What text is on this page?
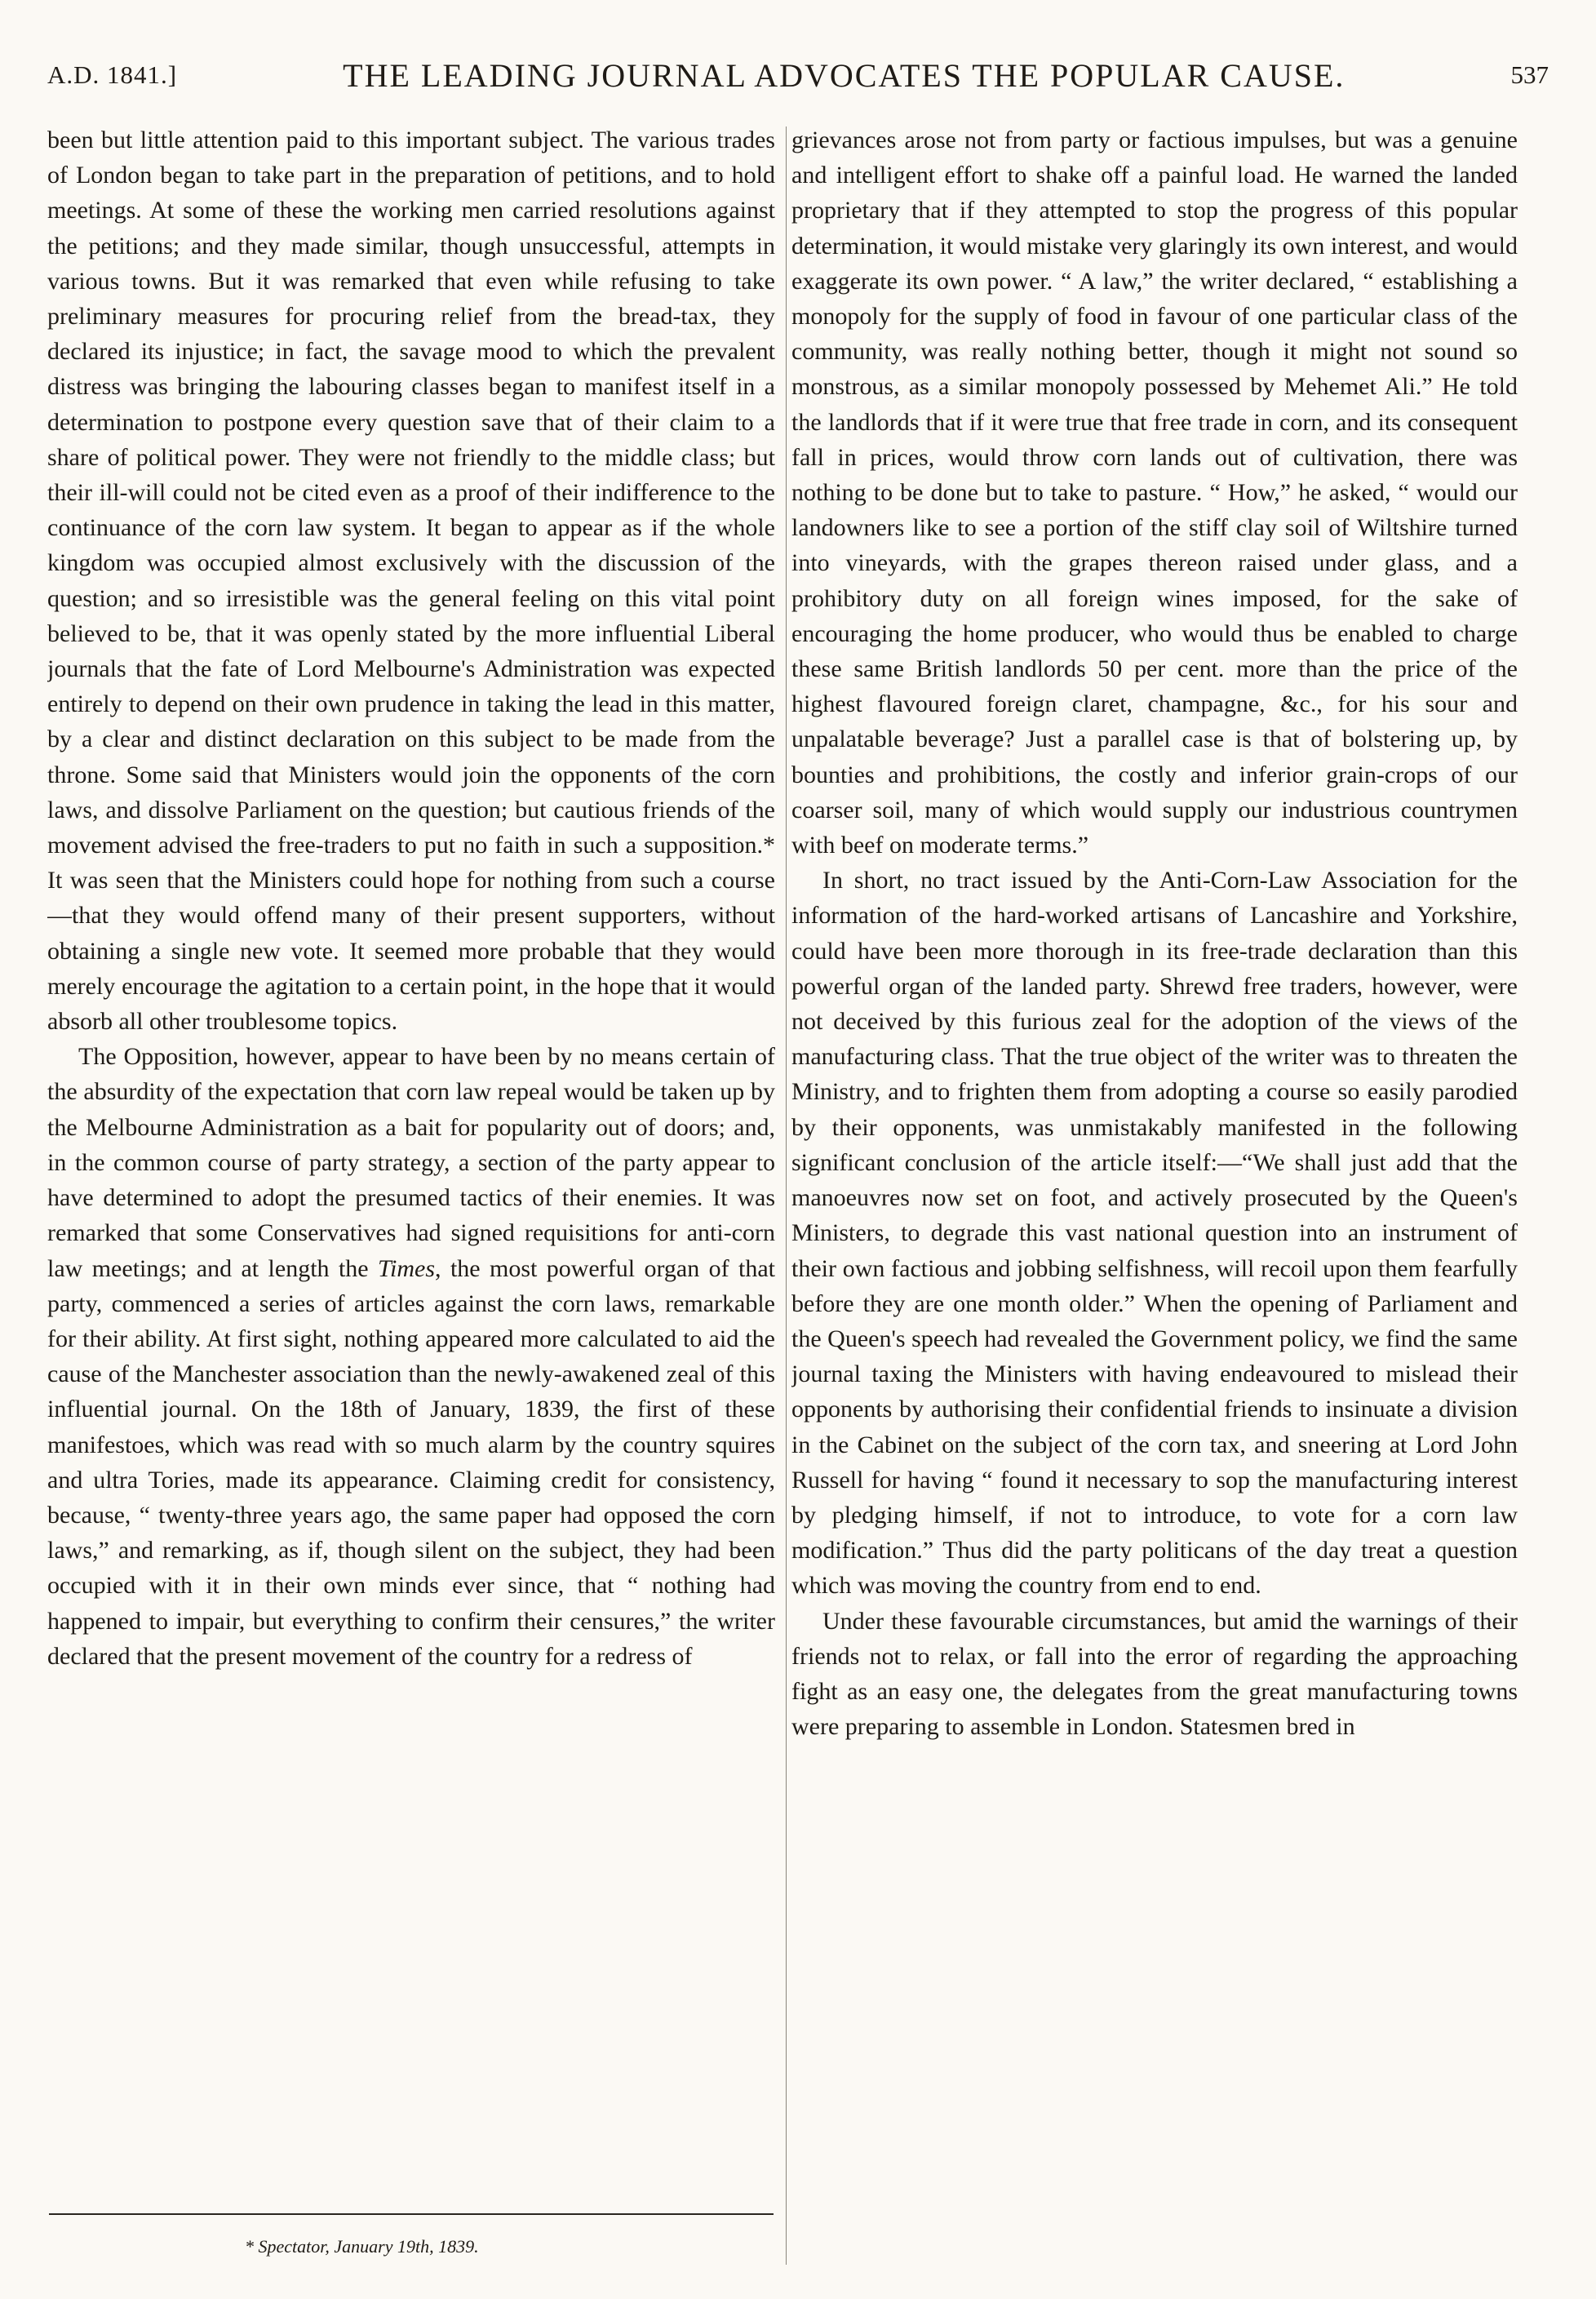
A.D. 1841.]	THE LEADING JOURNAL ADVOCATES THE POPULAR CAUSE.	537

been but little attention paid to this important subject. The various trades of London began to take part in the preparation of petitions, and to hold meetings. At some of these the working men carried resolutions against the petitions; and they made similar, though unsuccessful, attempts in various towns. But it was remarked that even while refusing to take preliminary measures for procuring relief from the bread-tax, they declared its injustice; in fact, the savage mood to which the prevalent distress was bringing the labouring classes began to manifest itself in a determination to postpone every question save that of their claim to a share of political power. They were not friendly to the middle class; but their ill-will could not be cited even as a proof of their indifference to the continuance of the corn law system. It began to appear as if the whole kingdom was occupied almost exclusively with the discussion of the question; and so irresistible was the general feeling on this vital point believed to be, that it was openly stated by the more influential Liberal journals that the fate of Lord Melbourne's Administration was expected entirely to depend on their own prudence in taking the lead in this matter, by a clear and distinct declaration on this subject to be made from the throne. Some said that Ministers would join the opponents of the corn laws, and dissolve Parliament on the question; but cautious friends of the movement advised the free-traders to put no faith in such a supposition.* It was seen that the Ministers could hope for nothing from such a course—that they would offend many of their present supporters, without obtaining a single new vote. It seemed more probable that they would merely encourage the agitation to a certain point, in the hope that it would absorb all other troublesome topics.

The Opposition, however, appear to have been by no means certain of the absurdity of the expectation that corn law repeal would be taken up by the Melbourne Administration as a bait for popularity out of doors; and, in the common course of party strategy, a section of the party appear to have determined to adopt the presumed tactics of their enemies. It was remarked that some Conservatives had signed requisitions for anti-corn law meetings; and at length the Times, the most powerful organ of that party, commenced a series of articles against the corn laws, remarkable for their ability. At first sight, nothing appeared more calculated to aid the cause of the Manchester association than the newly-awakened zeal of this influential journal. On the 18th of January, 1839, the first of these manifestoes, which was read with so much alarm by the country squires and ultra Tories, made its appearance. Claiming credit for consistency, because, “ twenty-three years ago, the same paper had opposed the corn laws,” and remarking, as if, though silent on the subject, they had been occupied with it in their own minds ever since, that “ nothing had happened to impair, but everything to confirm their censures,” the writer declared that the present movement of the country for a redress of

grievances arose not from party or factious impulses, but was a genuine and intelligent effort to shake off a painful load. He warned the landed proprietary that if they attempted to stop the progress of this popular determination, it would mistake very glaringly its own interest, and would exaggerate its own power. “ A law,” the writer declared, “ establishing a monopoly for the supply of food in favour of one particular class of the community, was really nothing better, though it might not sound so monstrous, as a similar monopoly possessed by Mehemet Ali.” He told the landlords that if it were true that free trade in corn, and its consequent fall in prices, would throw corn lands out of cultivation, there was nothing to be done but to take to pasture. “ How,” he asked, “ would our landowners like to see a portion of the stiff clay soil of Wiltshire turned into vineyards, with the grapes thereon raised under glass, and a prohibitory duty on all foreign wines imposed, for the sake of encouraging the home producer, who would thus be enabled to charge these same British landlords 50 per cent. more than the price of the highest flavoured foreign claret, champagne, &c., for his sour and unpalatable beverage? Just a parallel case is that of bolstering up, by bounties and prohibitions, the costly and inferior grain-crops of our coarser soil, many of which would supply our industrious countrymen with beef on moderate terms.”

In short, no tract issued by the Anti-Corn-Law Association for the information of the hard-worked artisans of Lancashire and Yorkshire, could have been more thorough in its free-trade declaration than this powerful organ of the landed party. Shrewd free traders, however, were not deceived by this furious zeal for the adoption of the views of the manufacturing class. That the true object of the writer was to threaten the Ministry, and to frighten them from adopting a course so easily parodied by their opponents, was unmistakably manifested in the following significant conclusion of the article itself:—“We shall just add that the manoeuvres now set on foot, and actively prosecuted by the Queen's Ministers, to degrade this vast national question into an instrument of their own factious and jobbing selfishness, will recoil upon them fearfully before they are one month older.” When the opening of Parliament and the Queen's speech had revealed the Government policy, we find the same journal taxing the Ministers with having endeavoured to mislead their opponents by authorising their confidential friends to insinuate a division in the Cabinet on the subject of the corn tax, and sneering at Lord John Russell for having “ found it necessary to sop the manufacturing interest by pledging himself, if not to introduce, to vote for a corn law modification.” Thus did the party politicans of the day treat a question which was moving the country from end to end.

Under these favourable circumstances, but amid the warnings of their friends not to relax, or fall into the error of regarding the approaching fight as an easy one, the delegates from the great manufacturing towns were preparing to assemble in London. Statesmen bred in

* Spectator, January 19th, 1839.
